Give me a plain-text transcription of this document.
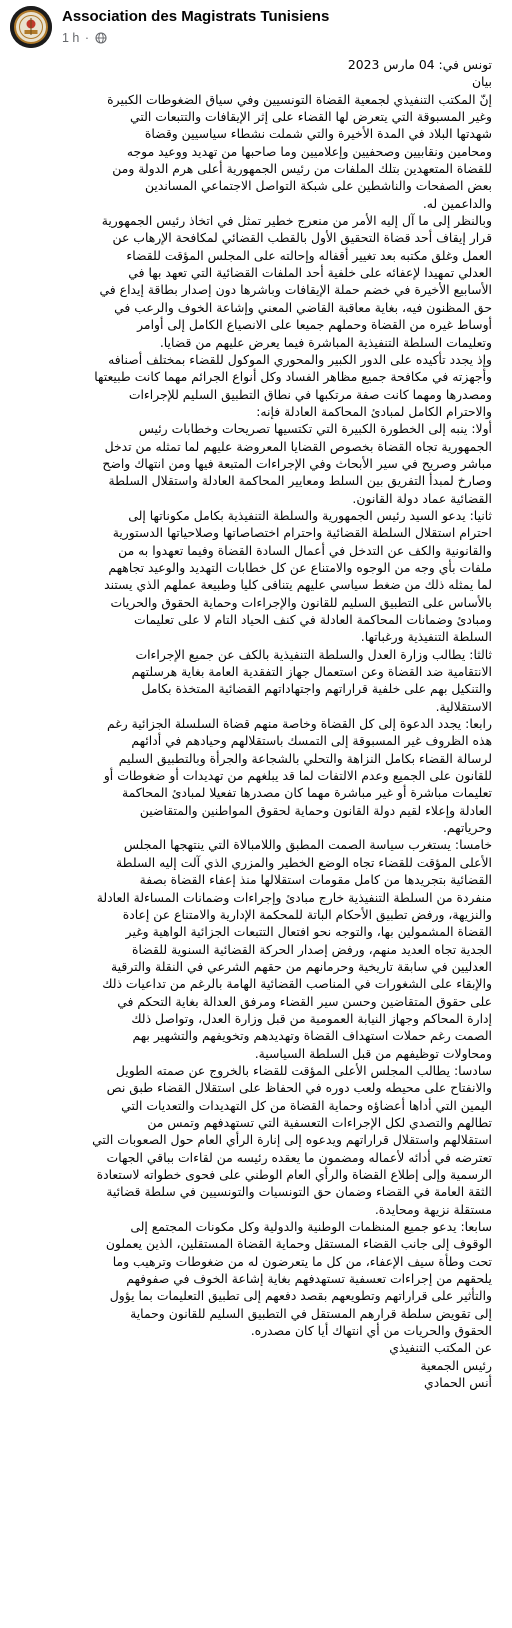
Association des Magistrats Tunisiens
1 h ·
تونس في: 04 مارس 2023
بيان
إنّ المكتب التنفيذي لجمعية القضاة التونسيين وفي سياق الضغوطات الكبيرة
وغير المسبوقة التي يتعرض لها القضاء على إثر الإيقافات والتتبعات التي
شهدتها البلاد في المدة الأخيرة والتي شملت نشطاء سياسيين وقضاة
ومحامين ونقابيين وصحفيين وإعلاميين وما صاحبها من تهديد ووعيد موجه
للقضاة المتعهدين بتلك الملفات من رئيس الجمهورية أعلى هرم الدولة ومن
بعض الصفحات والناشطين على شبكة التواصل الاجتماعي المساندين
والداعمين له.
وبالنظر إلى ما آل إليه الأمر من منعرج خطير تمثل في اتخاذ رئيس الجمهورية
قرار إيقاف أحد قضاة التحقيق الأول بالقطب القضائي لمكافحة الإرهاب عن
العمل وغلق مكتبه بعد تغيير أقفاله وإحالته على المجلس المؤقت للقضاء
العدلي تمهيدا لإعفائه على خلفية أحد الملفات القضائية التي تعهد بها في
الأسابيع الأخيرة في خضم حملة الإيقافات وباشرها دون إصدار بطاقة إيداع في
حق المظنون فيه، بغاية معاقبة القاضي المعني وإشاعة الخوف والرعب في
أوساط غيره من القضاة وحملهم جميعا على الانصياع الكامل إلى أوامر
وتعليمات السلطة التنفيذية المباشرة فيما يعرض عليهم من قضايا.
وإذ يجدد تأكيده على الدور الكبير والمحوري الموكول للقضاء بمختلف أصنافه
وأجهزته في مكافحة جميع مظاهر الفساد وكل أنواع الجرائم مهما كانت طبيعتها
ومصدرها ومهما كانت صفة مرتكبها في نطاق التطبيق السليم للإجراءات
والاحترام الكامل لمبادئ المحاكمة العادلة فإنه:
أولا: ينبه إلى الخطورة الكبيرة التي تكتسيها تصريحات وخطابات رئيس
الجمهورية تجاه القضاة بخصوص القضايا المعروضة عليهم لما تمثله من تدخل
مباشر وصريح في سير الأبحاث وفي الإجراءات المتبعة فيها ومن انتهاك واضح
وصارخ لمبدأ التفريق بين السلط ومعايير المحاكمة العادلة واستقلال السلطة
القضائية عماد دولة القانون.
ثانيا: يدعو السيد رئيس الجمهورية والسلطة التنفيذية بكامل مكوناتها إلى
احترام استقلال السلطة القضائية واحترام اختصاصاتها وصلاحياتها الدستورية
والقانونية والكف عن التدخل في أعمال السادة القضاة وفيما تعهدوا به من
ملفات بأي وجه من الوجوه والامتناع عن كل خطابات التهديد والوعيد تجاههم
لما يمثله ذلك من ضغط سياسي عليهم يتنافى كليا وطبيعة عملهم الذي يستند
بالأساس على التطبيق السليم للقانون والإجراءات وحماية الحقوق والحريات
ومبادئ وضمانات المحاكمة العادلة في كنف الحياد التام لا على تعليمات
السلطة التنفيذية ورغباتها.
ثالثا: يطالب وزارة العدل والسلطة التنفيذية بالكف عن جميع الإجراءات
الانتقامية ضد القضاة وعن استعمال جهاز التفقدية العامة بغاية هرسلتهم
والتنكيل بهم على خلفية قراراتهم واجتهاداتهم القضائية المتخذة بكامل
الاستقلالية.
رابعا: يجدد الدعوة إلى كل القضاة وخاصة منهم قضاة السلسلة الجزائية رغم
هذه الظروف غير المسبوقة إلى التمسك باستقلالهم وحيادهم في أدائهم
لرسالة القضاء بكامل النزاهة والتحلي بالشجاعة والجرأة وبالتطبيق السليم
للقانون على الجميع وعدم الالتفات لما قد يبلغهم من تهديدات أو ضغوطات أو
تعليمات مباشرة أو غير مباشرة مهما كان مصدرها تفعيلا لمبادئ المحاكمة
العادلة وإعلاء لقيم دولة القانون وحماية لحقوق المواطنين والمتقاضين
وحرياتهم.
خامسا: يستغرب سياسة الصمت المطبق واللامبالاة التي ينتهجها المجلس
الأعلى المؤقت للقضاء تجاه الوضع الخطير والمزري الذي آلت إليه السلطة
القضائية بتجريدها من كامل مقومات استقلالها منذ إعفاء القضاة بصفة
منفردة من السلطة التنفيذية خارج مبادئ وإجراءات وضمانات المساءلة العادلة
والنزيهة، ورفض تطبيق الأحكام الباتة للمحكمة الإدارية والامتناع عن إعادة
القضاة المشمولين بها، والتوجه نحو افتعال التتبعات الجزائية الواهية وغير
الجدية تجاه العديد منهم، ورفض إصدار الحركة القضائية السنوية للقضاة
العدليين في سابقة تاريخية وحرمانهم من حقهم الشرعي في النقلة والترقية
والإبقاء على الشغورات في المناصب القضائية الهامة بالرغم من تداعيات ذلك
على حقوق المتقاضين وحسن سير القضاء ومرفق العدالة بغاية التحكم في
إدارة المحاكم وجهاز النيابة العمومية من قبل وزارة العدل، وتواصل ذلك
الصمت رغم حملات استهداف القضاة وتهديدهم وتخويفهم والتشهير بهم
ومحاولات توظيفهم من قبل السلطة السياسية.
سادسا: يطالب المجلس الأعلى المؤقت للقضاء بالخروج عن صمته الطويل
والانفتاح على محيطه ولعب دوره في الحفاظ على استقلال القضاء طبق نص
اليمين التي أداها أعضاؤه وحماية القضاة من كل التهديدات والتعديات التي
تطالهم والتصدي لكل الإجراءات التعسفية التي تستهدفهم وتمس من
استقلالهم واستقلال قراراتهم ويدعوه إلى إنارة الرأي العام حول الصعوبات التي
تعترضه في أدائه لأعماله ومضمون ما يعقده رئيسه من لقاءات بباقي الجهات
الرسمية وإلى إطلاع القضاة والرأي العام الوطني على فحوى خطواته لاستعادة
الثقة العامة في القضاء وضمان حق التونسيات والتونسيين في سلطة قضائية
مستقلة نزيهة ومحايدة.
سابعا: يدعو جميع المنظمات الوطنية والدولية وكل مكونات المجتمع إلى
الوقوف إلى جانب القضاء المستقل وحماية القضاة المستقلين، الذين يعملون
تحت وطأة سيف الإعفاء، من كل ما يتعرضون له من ضغوطات وترهيب وما
يلحقهم من إجراءات تعسفية تستهدفهم بغاية إشاعة الخوف في صفوفهم
والتأثير على قراراتهم وتطويعهم بقصد دفعهم إلى تطبيق التعليمات بما يؤول
إلى تقويض سلطة قرارهم المستقل في التطبيق السليم للقانون وحماية
الحقوق والحريات من أي انتهاك أيا كان مصدره.
عن المكتب التنفيذي
رئيس الجمعية
أنس الحمادي
